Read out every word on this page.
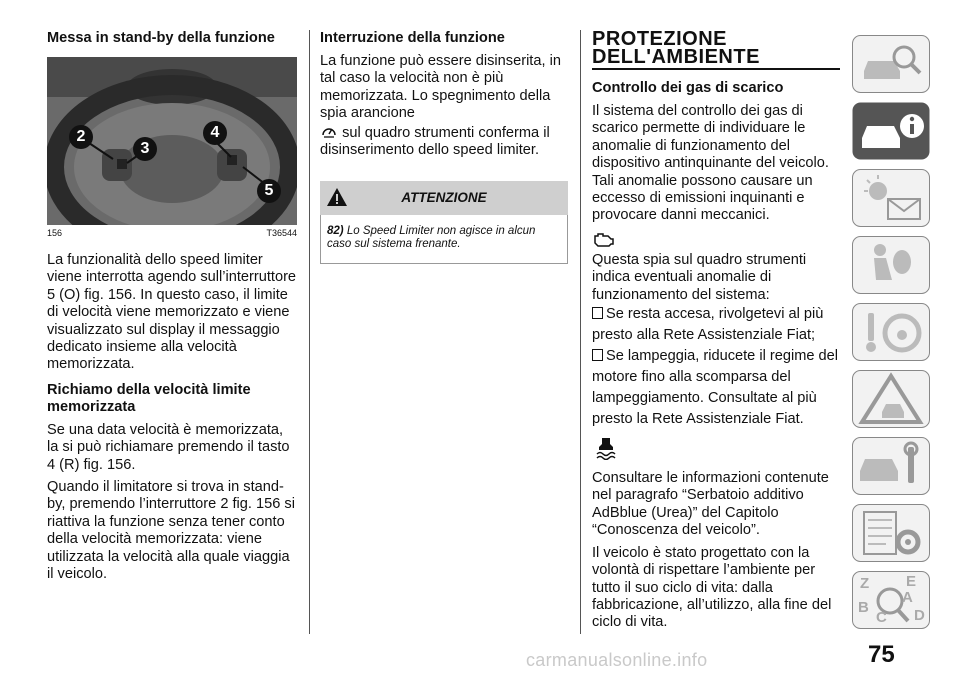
Messa in stand-by della funzione
2
3
4
5
156	T36544

La funzionalità dello speed limiter viene interrotta agendo sull’interruttore 5 (O) fig. 156. In questo caso, il limite di velocità viene memorizzato e viene visualizzato sul display il messaggio dedicato insieme alla velocità memorizzata.

Richiamo della velocità limite memorizzata

Se una data velocità è memorizzata, la si può richiamare premendo il tasto 4 (R) fig. 156.

Quando il limitatore si trova in stand-by, premendo l’interruttore 2 fig. 156 si riattiva la funzione senza tener conto della velocità memorizzata: viene utilizzata la velocità alla quale viaggia il veicolo.

Interruzione della funzione

La funzione può essere disinserita, in tal caso la velocità non è più memorizzata. Lo spegnimento della spia arancione
sul quadro strumenti conferma il disinserimento dello speed limiter.

ATTENZIONE
82) Lo Speed Limiter non agisce in alcun caso sul sistema frenante.
PROTEZIONE
DELL'AMBIENTE
Controllo dei gas di scarico

Il sistema del controllo dei gas di scarico permette di individuare le anomalie di funzionamento del dispositivo antinquinante del veicolo. Tali anomalie possono causare un eccesso di emissioni inquinanti e provocare danni meccanici.

Questa spia sul quadro strumenti indica eventuali anomalie di funzionamento del sistema:

Se resta accesa, rivolgetevi al più presto alla Rete Assistenziale Fiat;

Se lampeggia, riducete il regime del motore fino alla scomparsa del lampeggiamento. Consultate al più presto la Rete Assistenziale Fiat.

Consultare le informazioni contenute nel paragrafo “Serbatoio additivo AdBblue (Urea)” del Capitolo “Conoscenza del veicolo”.

Il veicolo è stato progettato con la volontà di rispettare l’ambiente per tutto il suo ciclo di vita: dalla fabbricazione, all’utilizzo, alla fine del ciclo di vita.

Z E
A
B
C D
75
carmanualsonline.info
